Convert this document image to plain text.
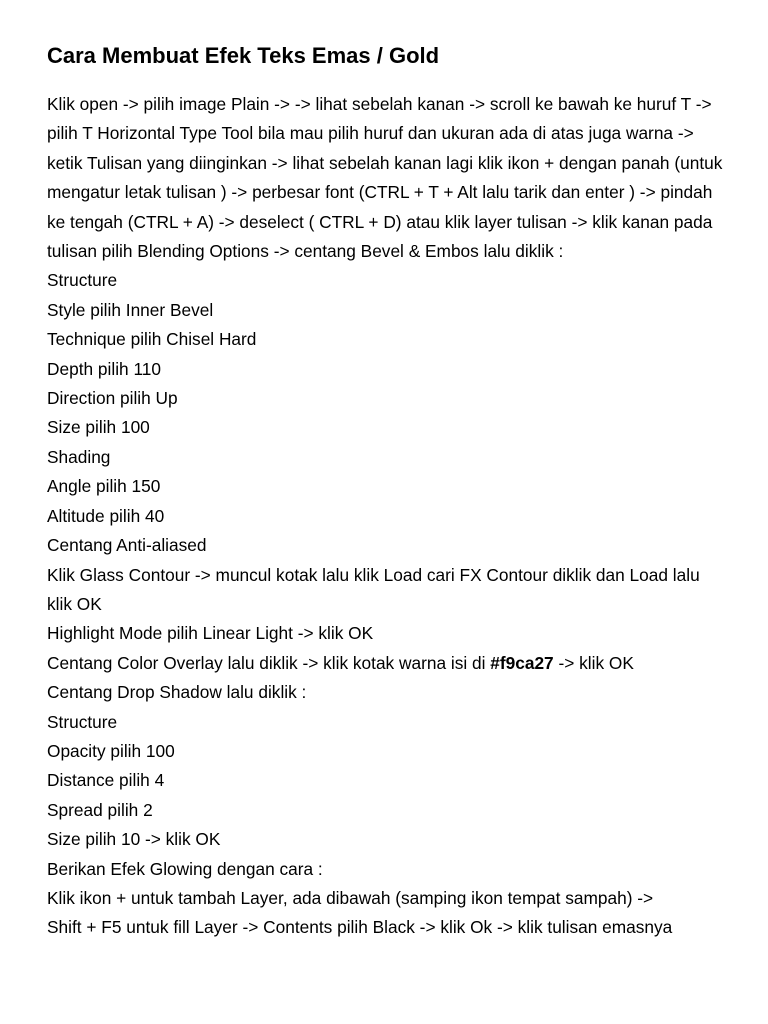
Cara Membuat Efek Teks Emas / Gold

Klik open -> pilih image Plain -> -> lihat sebelah kanan -> scroll ke bawah ke huruf T -> pilih T Horizontal Type Tool bila mau pilih huruf dan ukuran ada di atas juga warna -> ketik Tulisan yang diinginkan -> lihat sebelah kanan lagi klik ikon + dengan panah (untuk mengatur letak tulisan ) -> perbesar font (CTRL + T + Alt lalu tarik dan enter ) -> pindah ke tengah (CTRL + A) -> deselect ( CTRL + D) atau klik layer tulisan -> klik kanan pada tulisan pilih Blending Options -> centang Bevel & Embos lalu diklik :

Structure

Style pilih Inner Bevel

Technique pilih Chisel Hard

Depth pilih 110

Direction pilih Up

Size pilih 100

Shading

Angle pilih 150

Altitude pilih 40

Centang Anti-aliased

Klik Glass Contour -> muncul kotak lalu klik Load cari FX Contour diklik dan Load lalu klik OK

Highlight Mode pilih Linear Light -> klik OK

Centang Color Overlay lalu diklik -> klik kotak warna isi di #f9ca27 -> klik OK

Centang Drop Shadow lalu diklik :

Structure

Opacity pilih 100

Distance pilih 4

Spread pilih 2

Size pilih 10 -> klik OK

Berikan Efek Glowing dengan cara :

Klik ikon + untuk tambah Layer, ada dibawah (samping ikon tempat sampah) ->

Shift + F5 untuk fill Layer -> Contents pilih Black -> klik Ok -> klik tulisan emasnya
